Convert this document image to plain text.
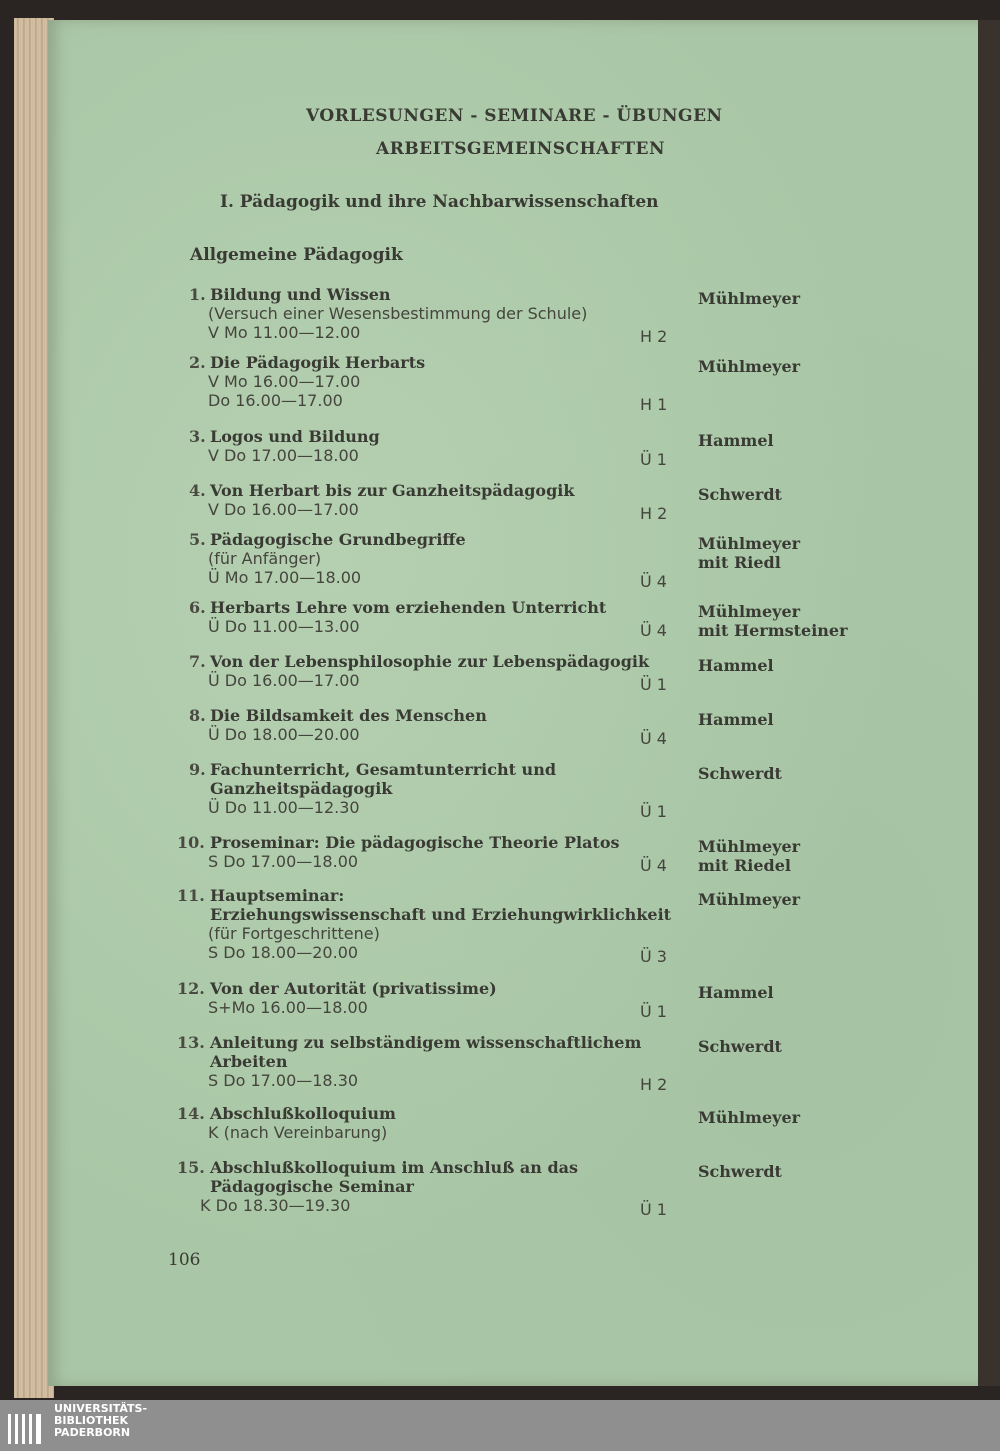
VORLESUNGEN - SEMINARE - ÜBUNGEN
ARBEITSGEMEINSCHAFTEN
I. Pädagogik und ihre Nachbarwissenschaften
Allgemeine Pädagogik
1. Bildung und Wissen
(Versuch einer Wesensbestimmung der Schule)
V Mo 11.00—12.00	H 2
Mühlmeyer
2. Die Pädagogik Herbarts
V Mo 16.00—17.00
Do 16.00—17.00	H 1
Mühlmeyer
3. Logos und Bildung
V Do 17.00—18.00	Ü 1
Hammel
4. Von Herbart bis zur Ganzheitspädagogik
V Do 16.00—17.00	H 2
Schwerdt
5. Pädagogische Grundbegriffe
(für Anfänger)
Ü Mo 17.00—18.00	Ü 4
Mühlmeyer
mit Riedl
6. Herbarts Lehre vom erziehenden Unterricht
Ü Do 11.00—13.00	Ü 4
Mühlmeyer
mit Hermsteiner
7. Von der Lebensphilosophie zur Lebenspädagogik
Ü Do 16.00—17.00	Ü 1
Hammel
8. Die Bildsamkeit des Menschen
Ü Do 18.00—20.00	Ü 4
Hammel
9. Fachunterricht, Gesamtunterricht und
Ganzheitspädagogik
Ü Do 11.00—12.30	Ü 1
Schwerdt
10. Proseminar: Die pädagogische Theorie Platos
S Do 17.00—18.00	Ü 4
Mühlmeyer
mit Riedel
11. Hauptseminar:
Erziehungswissenschaft und Erziehungwirklichkeit
(für Fortgeschrittene)
S Do 18.00—20.00	Ü 3
Mühlmeyer
12. Von der Autorität (privatissime)
S+Mo 16.00—18.00	Ü 1
Hammel
13. Anleitung zu selbständigem wissenschaftlichem
Arbeiten
S Do 17.00—18.30	H 2
Schwerdt
14. Abschlußkolloquium
K (nach Vereinbarung)
Mühlmeyer
15. Abschlußkolloquium im Anschluß an das
Pädagogische Seminar
K Do 18.30—19.30	Ü 1
Schwerdt
106
UNIVERSITÄTS-
BIBLIOTHEK
PADERBORN
